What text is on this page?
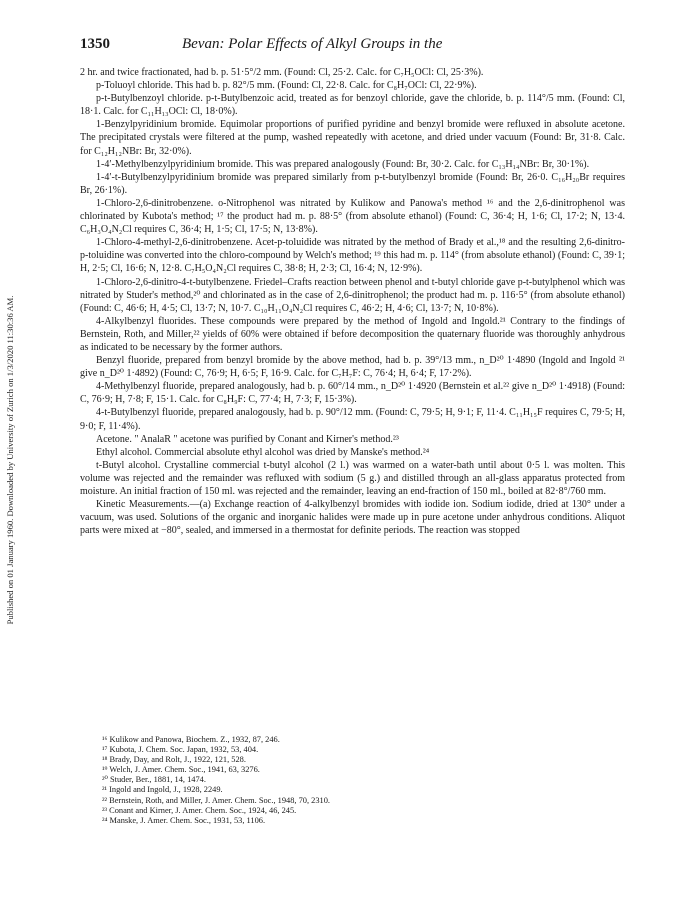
Published on 01 January 1960. Downloaded by University of Zurich on 1/3/2020 11:30:36 AM.
1350	Bevan: Polar Effects of Alkyl Groups in the

2 hr. and twice fractionated, had b. p. 51·5°/2 mm. (Found: Cl, 25·2. Calc. for C₇H₅OCl: Cl, 25·3%).

p-Toluoyl chloride. This had b. p. 82°/5 mm. (Found: Cl, 22·8. Calc. for C₈H₇OCl: Cl, 22·9%).

p-t-Butylbenzoyl chloride. p-t-Butylbenzoic acid, treated as for benzoyl chloride, gave the chloride, b. p. 114°/5 mm. (Found: Cl, 18·1. Calc. for C₁₁H₁₃OCl: Cl, 18·0%).

1-Benzylpyridinium bromide. Equimolar proportions of purified pyridine and benzyl bromide were refluxed in absolute acetone. The precipitated crystals were filtered at the pump, washed repeatedly with acetone, and dried under vacuum (Found: Br, 31·8. Calc. for C₁₂H₁₂NBr: Br, 32·0%).

1-4′-Methylbenzylpyridinium bromide. This was prepared analogously (Found: Br, 30·2. Calc. for C₁₃H₁₄NBr: Br, 30·1%).

1-4′-t-Butylbenzylpyridinium bromide was prepared similarly from p-t-butylbenzyl bromide (Found: Br, 26·0. C₁₆H₂₀Br requires Br, 26·1%).

1-Chloro-2,6-dinitrobenzene. o-Nitrophenol was nitrated by Kulikow and Panowa's method ¹⁶ and the 2,6-dinitrophenol was chlorinated by Kubota's method; ¹⁷ the product had m. p. 88·5° (from absolute ethanol) (Found: C, 36·4; H, 1·6; Cl, 17·2; N, 13·4. C₆H₃O₄N₂Cl requires C, 36·4; H, 1·5; Cl, 17·5; N, 13·8%).

1-Chloro-4-methyl-2,6-dinitrobenzene. Acet-p-toluidide was nitrated by the method of Brady et al.,¹⁸ and the resulting 2,6-dinitro-p-toluidine was converted into the chloro-compound by Welch's method; ¹⁹ this had m. p. 114° (from absolute ethanol) (Found: C, 39·1; H, 2·5; Cl, 16·6; N, 12·8. C₇H₅O₄N₂Cl requires C, 38·8; H, 2·3; Cl, 16·4; N, 12·9%).

1-Chloro-2,6-dinitro-4-t-butylbenzene. Friedel–Crafts reaction between phenol and t-butyl chloride gave p-t-butylphenol which was nitrated by Studer's method,²⁰ and chlorinated as in the case of 2,6-dinitrophenol; the product had m. p. 116·5° (from absolute ethanol) (Found: C, 46·6; H, 4·5; Cl, 13·7; N, 10·7. C₁₀H₁₁O₄N₂Cl requires C, 46·2; H, 4·6; Cl, 13·7; N, 10·8%).

4-Alkylbenzyl fluorides. These compounds were prepared by the method of Ingold and Ingold.²¹ Contrary to the findings of Bernstein, Roth, and Miller,²² yields of 60% were obtained if before decomposition the quaternary fluoride was thoroughly anhydrous as indicated to be necessary by the former authors.

Benzyl fluoride, prepared from benzyl bromide by the above method, had b. p. 39°/13 mm., n_D²⁰ 1·4890 (Ingold and Ingold ²¹ give n_D²⁰ 1·4892) (Found: C, 76·9; H, 6·5; F, 16·9. Calc. for C₇H₇F: C, 76·4; H, 6·4; F, 17·2%).

4-Methylbenzyl fluoride, prepared analogously, had b. p. 60°/14 mm., n_D²⁰ 1·4920 (Bernstein et al.²² give n_D²⁰ 1·4918) (Found: C, 76·9; H, 7·8; F, 15·1. Calc. for C₈H₉F: C, 77·4; H, 7·3; F, 15·3%).

4-t-Butylbenzyl fluoride, prepared analogously, had b. p. 90°/12 mm. (Found: C, 79·5; H, 9·1; F, 11·4. C₁₁H₁₅F requires C, 79·5; H, 9·0; F, 11·4%).

Acetone. " AnalaR " acetone was purified by Conant and Kirner's method.²³

Ethyl alcohol. Commercial absolute ethyl alcohol was dried by Manske's method.²⁴

t-Butyl alcohol. Crystalline commercial t-butyl alcohol (2 l.) was warmed on a water-bath until about 0·5 l. was molten. This volume was rejected and the remainder was refluxed with sodium (5 g.) and distilled through an all-glass apparatus protected from moisture. An initial fraction of 150 ml. was rejected and the remainder, leaving an end-fraction of 150 ml., boiled at 82·8°/760 mm.

Kinetic Measurements.—(a) Exchange reaction of 4-alkylbenzyl bromides with iodide ion. Sodium iodide, dried at 130° under a vacuum, was used. Solutions of the organic and inorganic halides were made up in pure acetone under anhydrous conditions. Aliquot parts were mixed at −80°, sealed, and immersed in a thermostat for definite periods. The reaction was stopped

¹⁶ Kulikow and Panowa, Biochem. Z., 1932, 87, 246.
¹⁷ Kubota, J. Chem. Soc. Japan, 1932, 53, 404.
¹⁸ Brady, Day, and Rolt, J., 1922, 121, 528.
¹⁹ Welch, J. Amer. Chem. Soc., 1941, 63, 3276.
²⁰ Studer, Ber., 1881, 14, 1474.
²¹ Ingold and Ingold, J., 1928, 2249.
²² Bernstein, Roth, and Miller, J. Amer. Chem. Soc., 1948, 70, 2310.
²³ Conant and Kirner, J. Amer. Chem. Soc., 1924, 46, 245.
²⁴ Manske, J. Amer. Chem. Soc., 1931, 53, 1106.
